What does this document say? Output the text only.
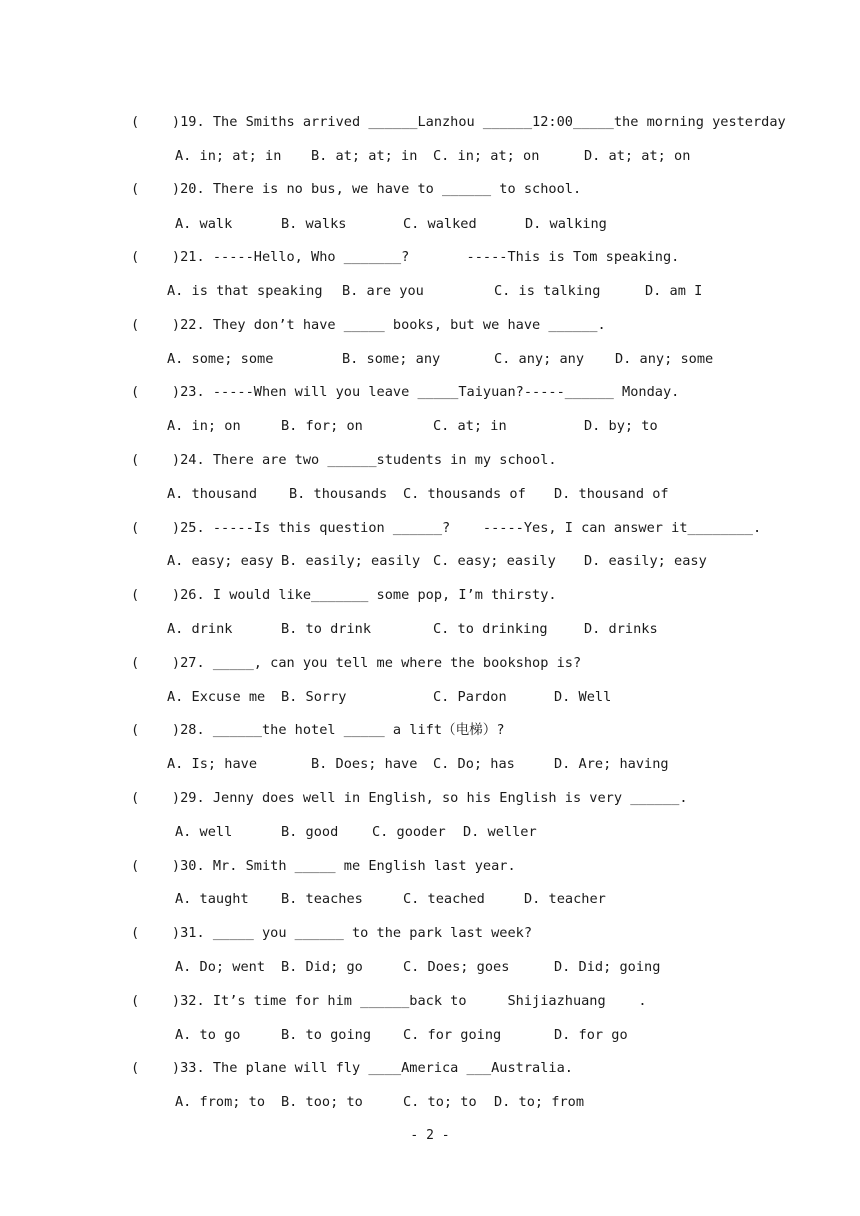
(    )19. The Smiths arrived ______Lanzhou ______12:00_____the morning yesterday
A. in; at; in B. at; at; in C. in; at; on	D. at; at; on
(    )20. There is no bus, we have to ______ to school.
A. walk	B. walks	C. walked	D. walking
(    )21. -----Hello, Who _______?       -----This is Tom speaking.
A. is that speaking B. are you	C. is talking	D. am I
(    )22. They don’t have _____ books, but we have ______.
A. some; some	B. some; any	C. any; any D. any; some
(    )23. -----When will you leave _____Taiyuan?-----______ Monday.
A. in; on	B. for; on	C. at; in	D. by; to
(    )24. There are two ______students in my school.
A. thousand B. thousands C. thousands of D. thousand of
(    )25. -----Is this question ______?    -----Yes, I can answer it________.
A. easy; easy B. easily; easily C. easy; easily D. easily; easy
(    )26. I would like_______ some pop, I’m thirsty.
A. drink	B. to drink	C. to drinking	D. drinks
(    )27. _____, can you tell me where the bookshop is?
A. Excuse me B. Sorry	C. Pardon	D. Well
(    )28. ______the hotel _____ a lift（电梯）?
A. Is; have	B. Does; have C. Do; has	D. Are; having
(    )29. Jenny does well in English, so his English is very ______.
A. well	B. good C. gooder D. weller
(    )30. Mr. Smith _____ me English last year.
A. taught B. teaches	C. teached	D. teacher
(    )31. _____ you ______ to the park last week?
A. Do; went B. Did; go	C. Does; goes	D. Did; going
(    )32. It’s time for him ______back to     Shijiazhuang    .
A. to go	B. to going C. for going	D. for go
(    )33. The plane will fly ____America ___Australia.
A. from; to B. too; to	C. to; to D. to; from
- 2 -
